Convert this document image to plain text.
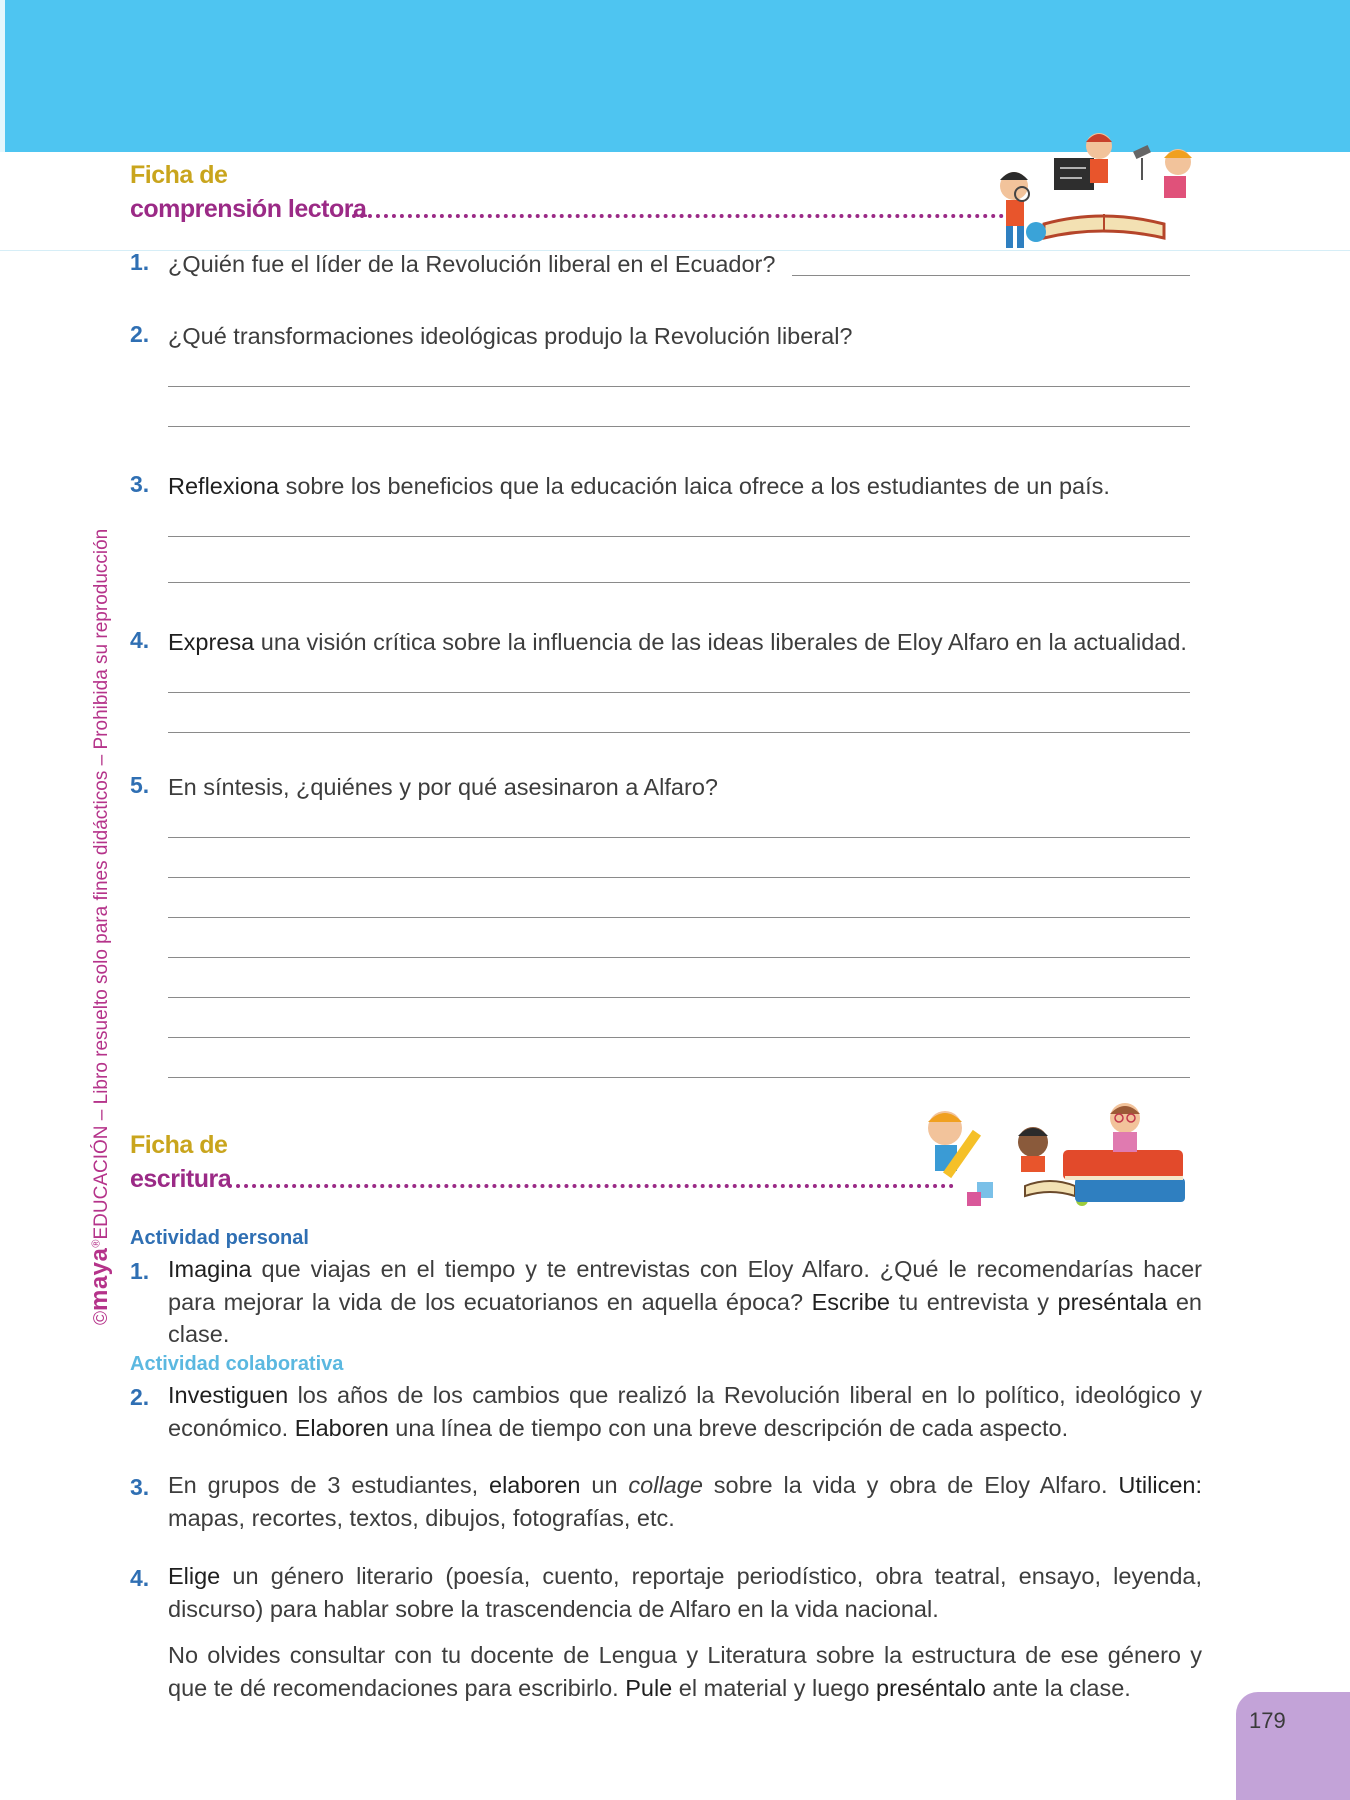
©maya®EDUCACIÓN – Libro resuelto solo para fines didácticos – Prohibida su reproducción
Ficha de
comprensión lectora
1. ¿Quién fue el líder de la Revolución liberal en el Ecuador?
2. ¿Qué transformaciones ideológicas produjo la Revolución liberal?
3. Reflexiona sobre los beneficios que la educación laica ofrece a los estudiantes de un país.
4. Expresa una visión crítica sobre la influencia de las ideas liberales de Eloy Alfaro en la actualidad.
5. En síntesis, ¿quiénes y por qué asesinaron a Alfaro?
Ficha de
escritura
Actividad personal
1. Imagina que viajas en el tiempo y te entrevistas con Eloy Alfaro. ¿Qué le recomendarías hacer para mejorar la vida de los ecuatorianos en aquella época? Escribe tu entrevista y preséntala en clase.
Actividad colaborativa
2. Investiguen los años de los cambios que realizó la Revolución liberal en lo político, ideológico y económico. Elaboren una línea de tiempo con una breve descripción de cada aspecto.
3. En grupos de 3 estudiantes, elaboren un collage sobre la vida y obra de Eloy Alfaro. Utilicen: mapas, recortes, textos, dibujos, fotografías, etc.
4. Elige un género literario (poesía, cuento, reportaje periodístico, obra teatral, ensayo, leyenda, discurso) para hablar sobre la trascendencia de Alfaro en la vida nacional.
No olvides consultar con tu docente de Lengua y Literatura sobre la estructura de ese género y que te dé recomendaciones para escribirlo. Pule el material y luego preséntalo ante la clase.
179
